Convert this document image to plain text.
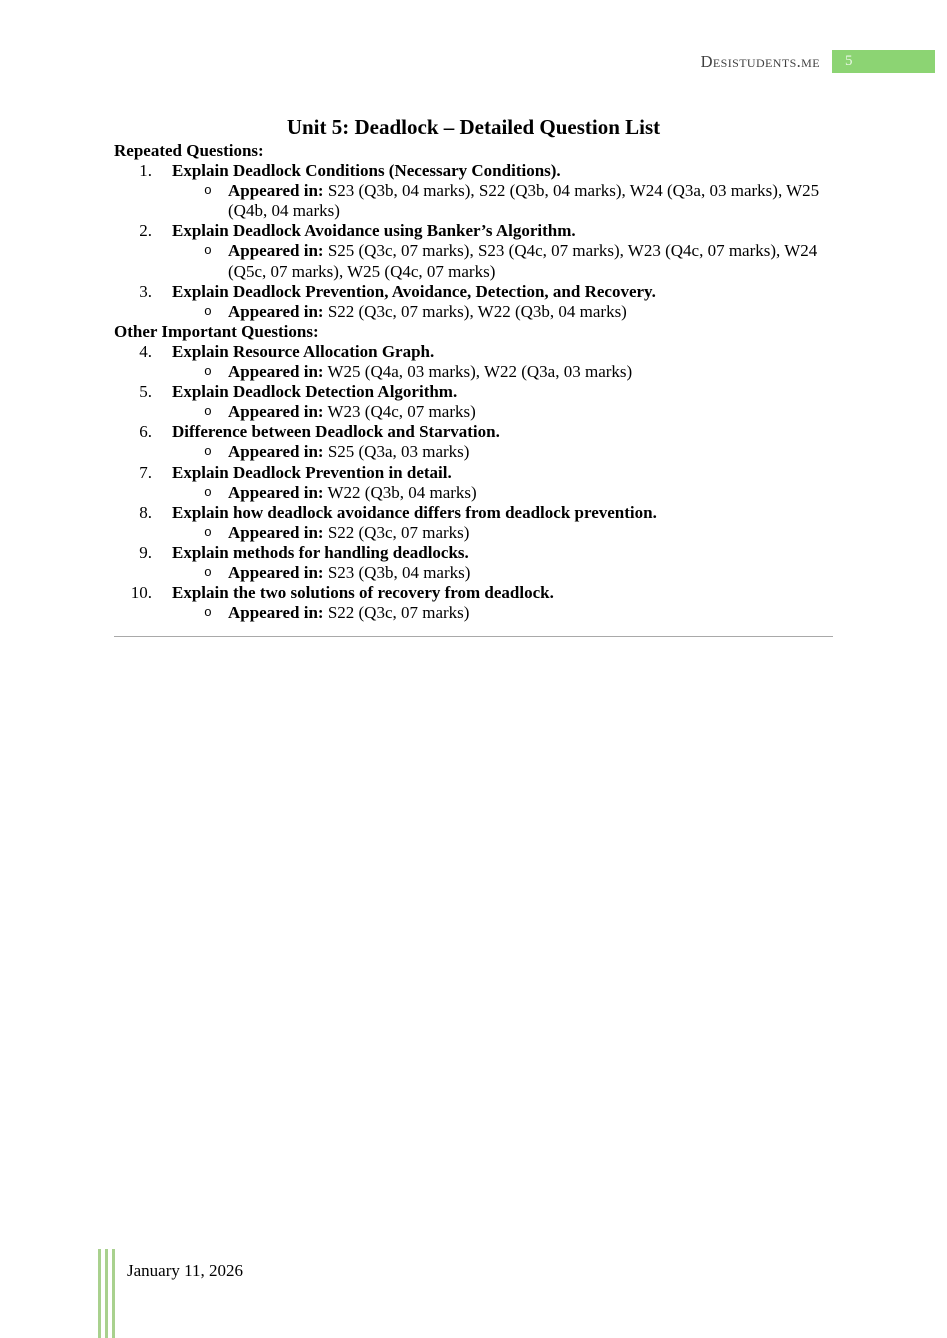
Desistudents.me	5
Unit 5: Deadlock – Detailed Question List
Repeated Questions:
1. Explain Deadlock Conditions (Necessary Conditions).
o Appeared in: S23 (Q3b, 04 marks), S22 (Q3b, 04 marks), W24 (Q3a, 03 marks), W25 (Q4b, 04 marks)
2. Explain Deadlock Avoidance using Banker’s Algorithm.
o Appeared in: S25 (Q3c, 07 marks), S23 (Q4c, 07 marks), W23 (Q4c, 07 marks), W24 (Q5c, 07 marks), W25 (Q4c, 07 marks)
3. Explain Deadlock Prevention, Avoidance, Detection, and Recovery.
o Appeared in: S22 (Q3c, 07 marks), W22 (Q3b, 04 marks)
Other Important Questions:
4. Explain Resource Allocation Graph.
o Appeared in: W25 (Q4a, 03 marks), W22 (Q3a, 03 marks)
5. Explain Deadlock Detection Algorithm.
o Appeared in: W23 (Q4c, 07 marks)
6. Difference between Deadlock and Starvation.
o Appeared in: S25 (Q3a, 03 marks)
7. Explain Deadlock Prevention in detail.
o Appeared in: W22 (Q3b, 04 marks)
8. Explain how deadlock avoidance differs from deadlock prevention.
o Appeared in: S22 (Q3c, 07 marks)
9. Explain methods for handling deadlocks.
o Appeared in: S23 (Q3b, 04 marks)
10. Explain the two solutions of recovery from deadlock.
o Appeared in: S22 (Q3c, 07 marks)
January 11, 2026
